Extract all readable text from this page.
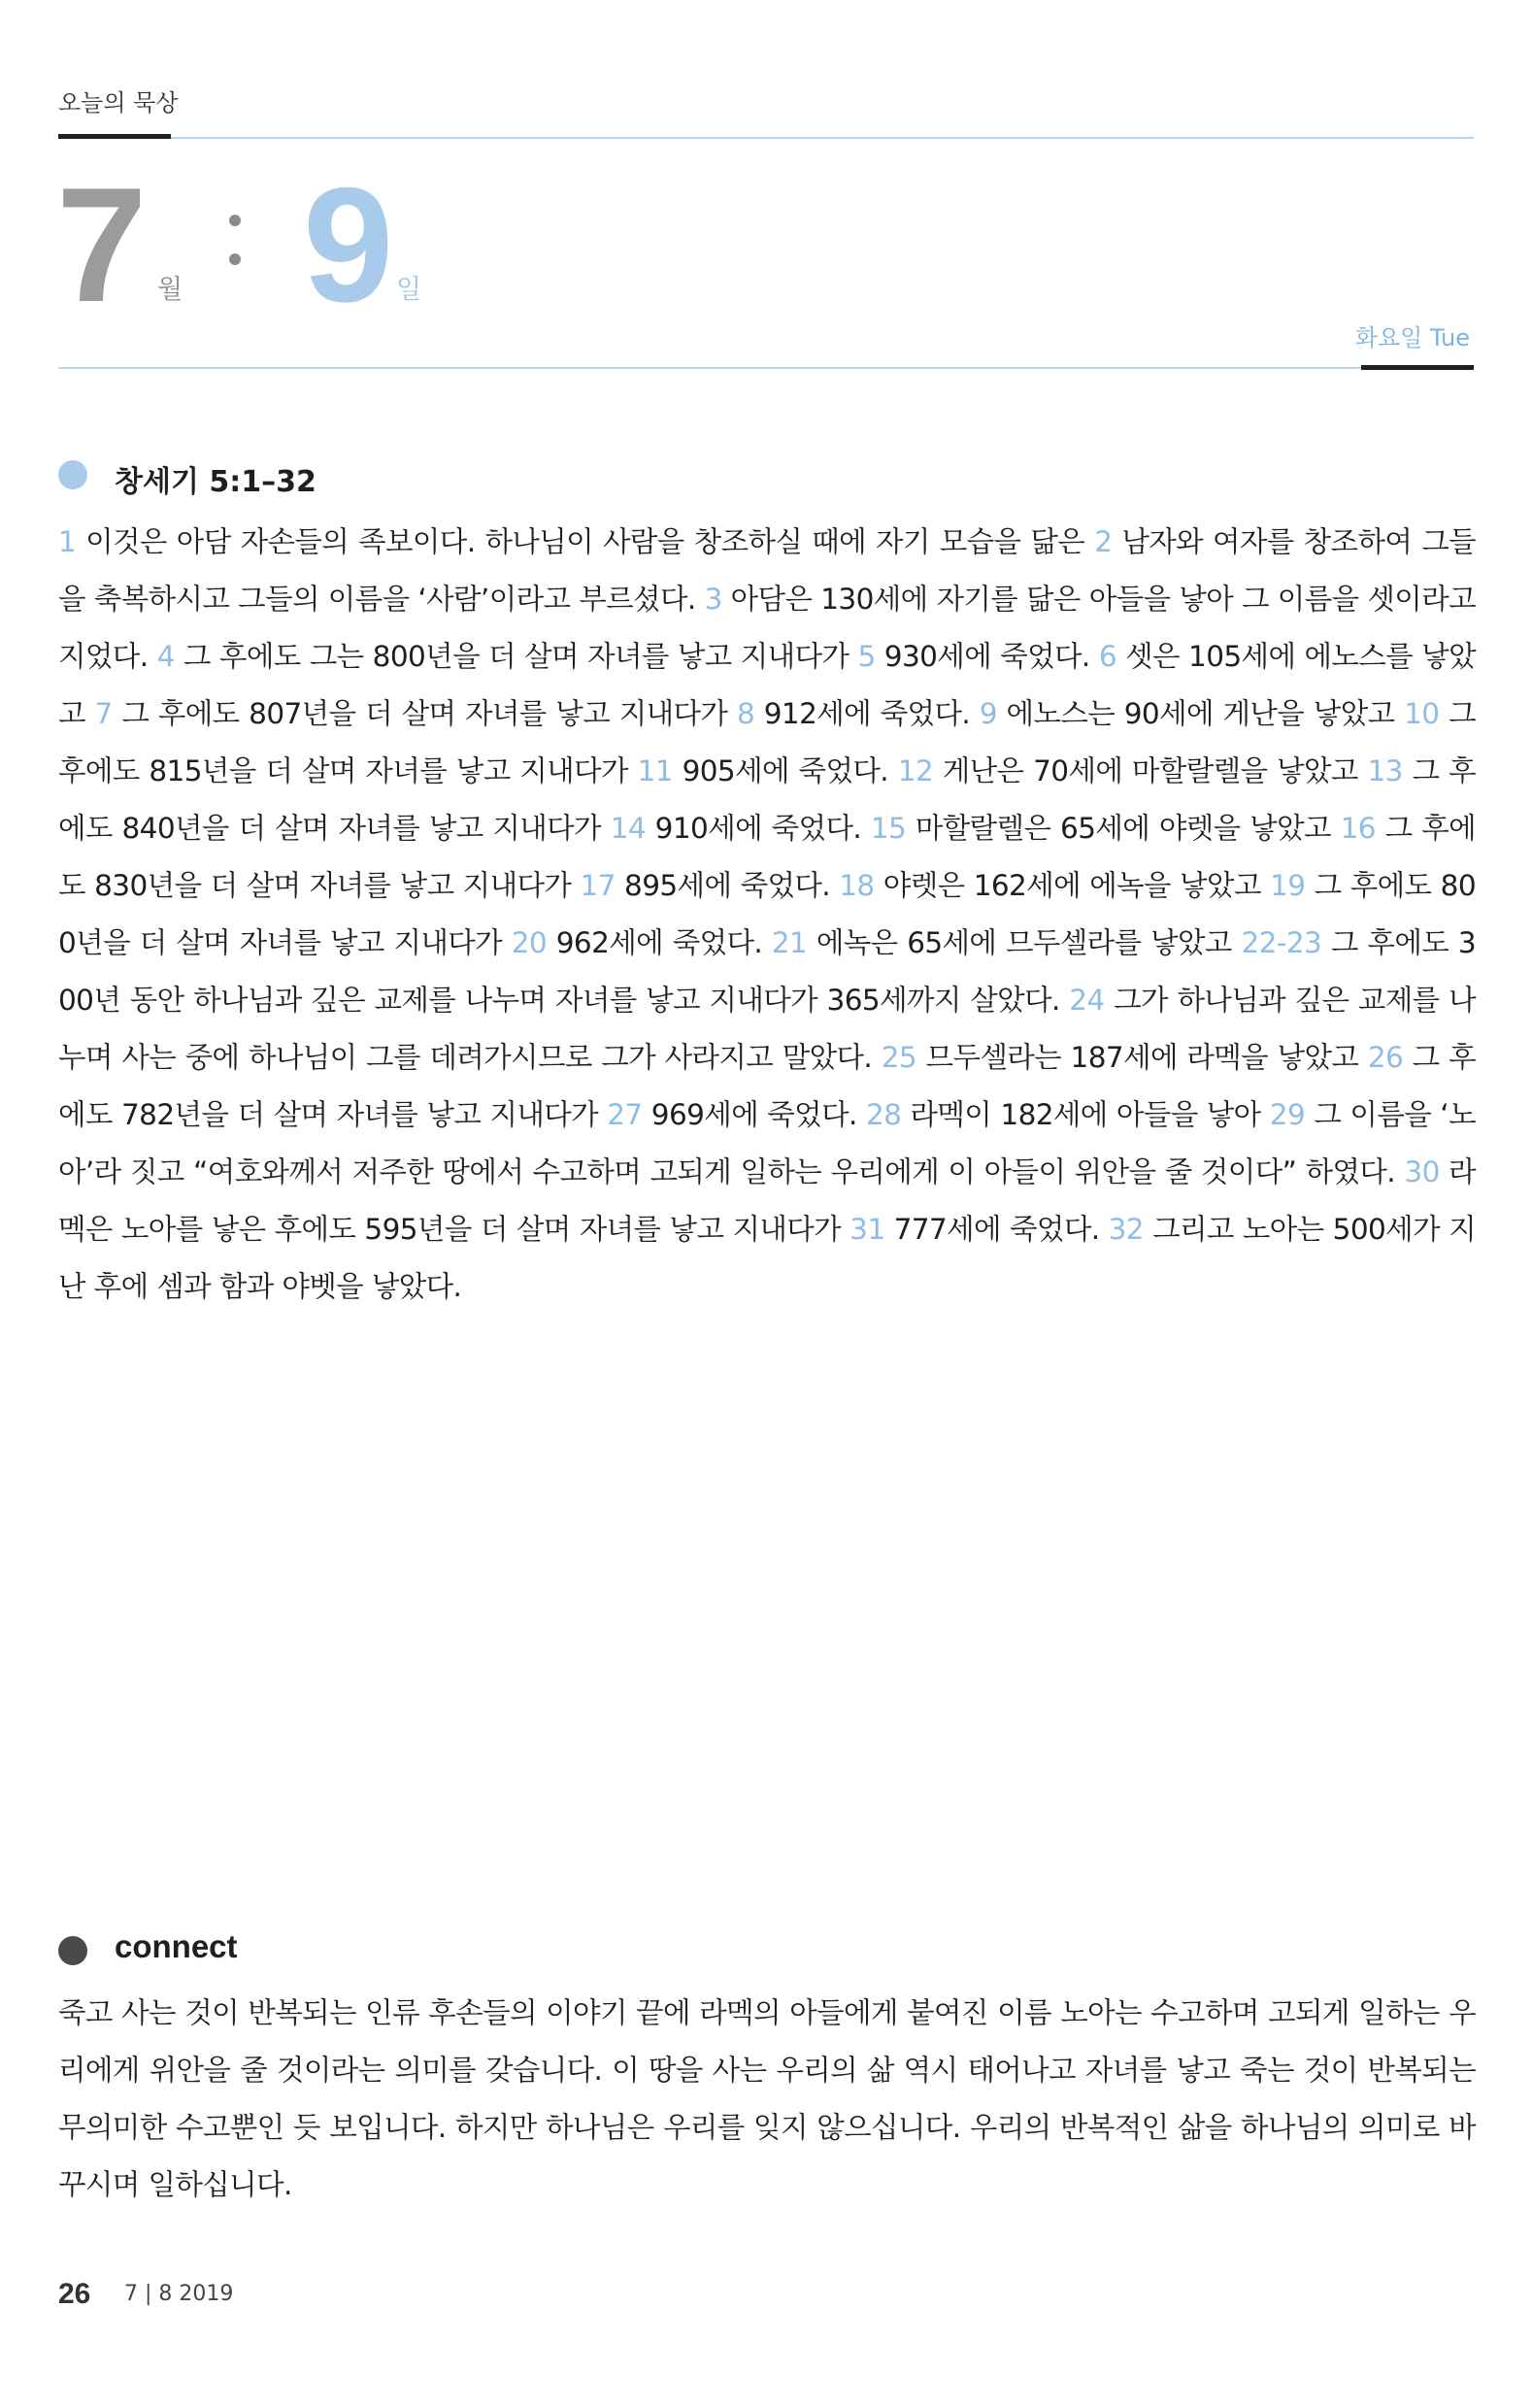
오늘의 묵상
7 월 9 일
화요일 Tue
창세기 5:1–32
1 이것은 아담 자손들의 족보이다. 하나님이 사람을 창조하실 때에 자기 모습을 닮은 2 남자와 여자를 창조하여 그들을 축복하시고 그들의 이름을 ‘사람’이라고 부르셨다. 3 아담은 130세에 자기를 닮은 아들을 낳아 그 이름을 셋이라고 지었다. 4 그 후에도 그는 800년을 더 살며 자녀를 낳고 지내다가 5 930세에 죽었다. 6 셋은 105세에 에노스를 낳았고 7 그 후에도 807년을 더 살며 자녀를 낳고 지내다가 8 912세에 죽었다. 9 에노스는 90세에 게난을 낳았고 10 그 후에도 815년을 더 살며 자녀를 낳고 지내다가 11 905세에 죽었다. 12 게난은 70세에 마할랄렐을 낳았고 13 그 후에도 840년을 더 살며 자녀를 낳고 지내다가 14 910세에 죽었다. 15 마할랄렐은 65세에 야렛을 낳았고 16 그 후에도 830년을 더 살며 자녀를 낳고 지내다가 17 895세에 죽었다. 18 야렛은 162세에 에녹을 낳았고 19 그 후에도 800년을 더 살며 자녀를 낳고 지내다가 20 962세에 죽었다. 21 에녹은 65세에 므두셀라를 낳았고 22-23 그 후에도 300년 동안 하나님과 깊은 교제를 나누며 자녀를 낳고 지내다가 365세까지 살았다. 24 그가 하나님과 깊은 교제를 나누며 사는 중에 하나님이 그를 데려가시므로 그가 사라지고 말았다. 25 므두셀라는 187세에 라멕을 낳았고 26 그 후에도 782년을 더 살며 자녀를 낳고 지내다가 27 969세에 죽었다. 28 라멕이 182세에 아들을 낳아 29 그 이름을 ‘노아’라 짓고 “여호와께서 저주한 땅에서 수고하며 고되게 일하는 우리에게 이 아들이 위안을 줄 것이다” 하였다. 30 라멕은 노아를 낳은 후에도 595년을 더 살며 자녀를 낳고 지내다가 31 777세에 죽었다. 32 그리고 노아는 500세가 지난 후에 셈과 함과 야벳을 낳았다.
connect
죽고 사는 것이 반복되는 인류 후손들의 이야기 끝에 라멕의 아들에게 붙여진 이름 노아는 수고하며 고되게 일하는 우리에게 위안을 줄 것이라는 의미를 갖습니다. 이 땅을 사는 우리의 삶 역시 태어나고 자녀를 낳고 죽는 것이 반복되는 무의미한 수고뿐인 듯 보입니다. 하지만 하나님은 우리를 잊지 않으십니다. 우리의 반복적인 삶을 하나님의 의미로 바꾸시며 일하십니다.
26 7 | 8 2019
